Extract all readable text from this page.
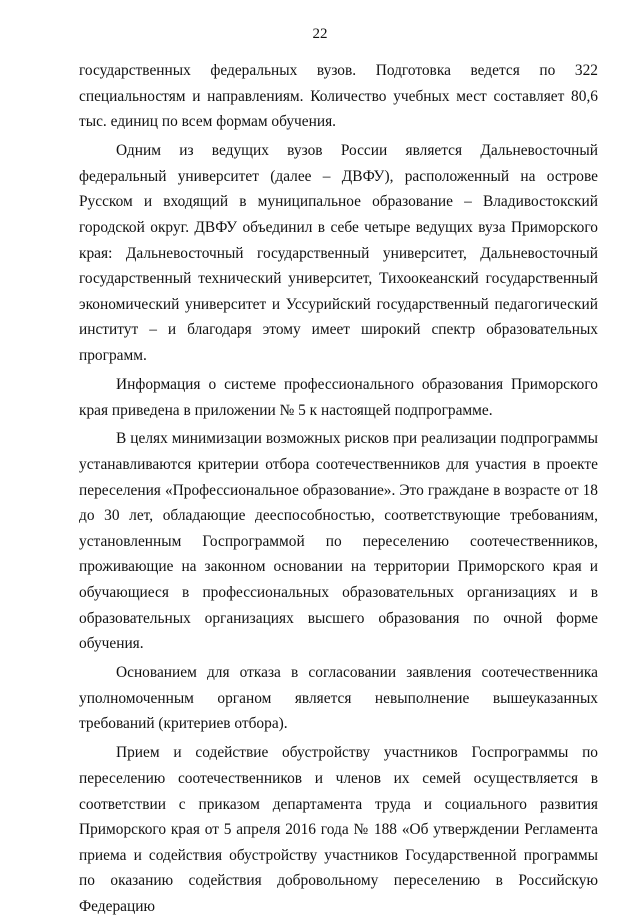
22

государственных федеральных вузов. Подготовка ведется по 322 специальностям и направлениям. Количество учебных мест составляет 80,6 тыс. единиц по всем формам обучения.

Одним из ведущих вузов России является Дальневосточный федеральный университет (далее – ДВФУ), расположенный на острове Русском и входящий в муниципальное образование – Владивостокский городской округ. ДВФУ объединил в себе четыре ведущих вуза Приморского края: Дальневосточный государственный университет, Дальневосточный государственный технический университет, Тихоокеанский государственный экономический университет и Уссурийский государственный педагогический институт – и благодаря этому имеет широкий спектр образовательных программ.

Информация о системе профессионального образования Приморского края приведена в приложении № 5 к настоящей подпрограмме.

В целях минимизации возможных рисков при реализации подпрограммы устанавливаются критерии отбора соотечественников для участия в проекте переселения «Профессиональное образование». Это граждане в возрасте от 18 до 30 лет, обладающие дееспособностью, соответствующие требованиям, установленным Госпрограммой по переселению соотечественников, проживающие на законном основании на территории Приморского края и обучающиеся в профессиональных образовательных организациях и в образовательных организациях высшего образования по очной форме обучения.

Основанием для отказа в согласовании заявления соотечественника уполномоченным органом является невыполнение вышеуказанных требований (критериев отбора).

Прием и содействие обустройству участников Госпрограммы по переселению соотечественников и членов их семей осуществляется в соответствии с приказом департамента труда и социального развития Приморского края от 5 апреля 2016 года № 188 «Об утверждении Регламента приема и содействия обустройству участников Государственной программы по оказанию содействия добровольному переселению в Российскую Федерацию
